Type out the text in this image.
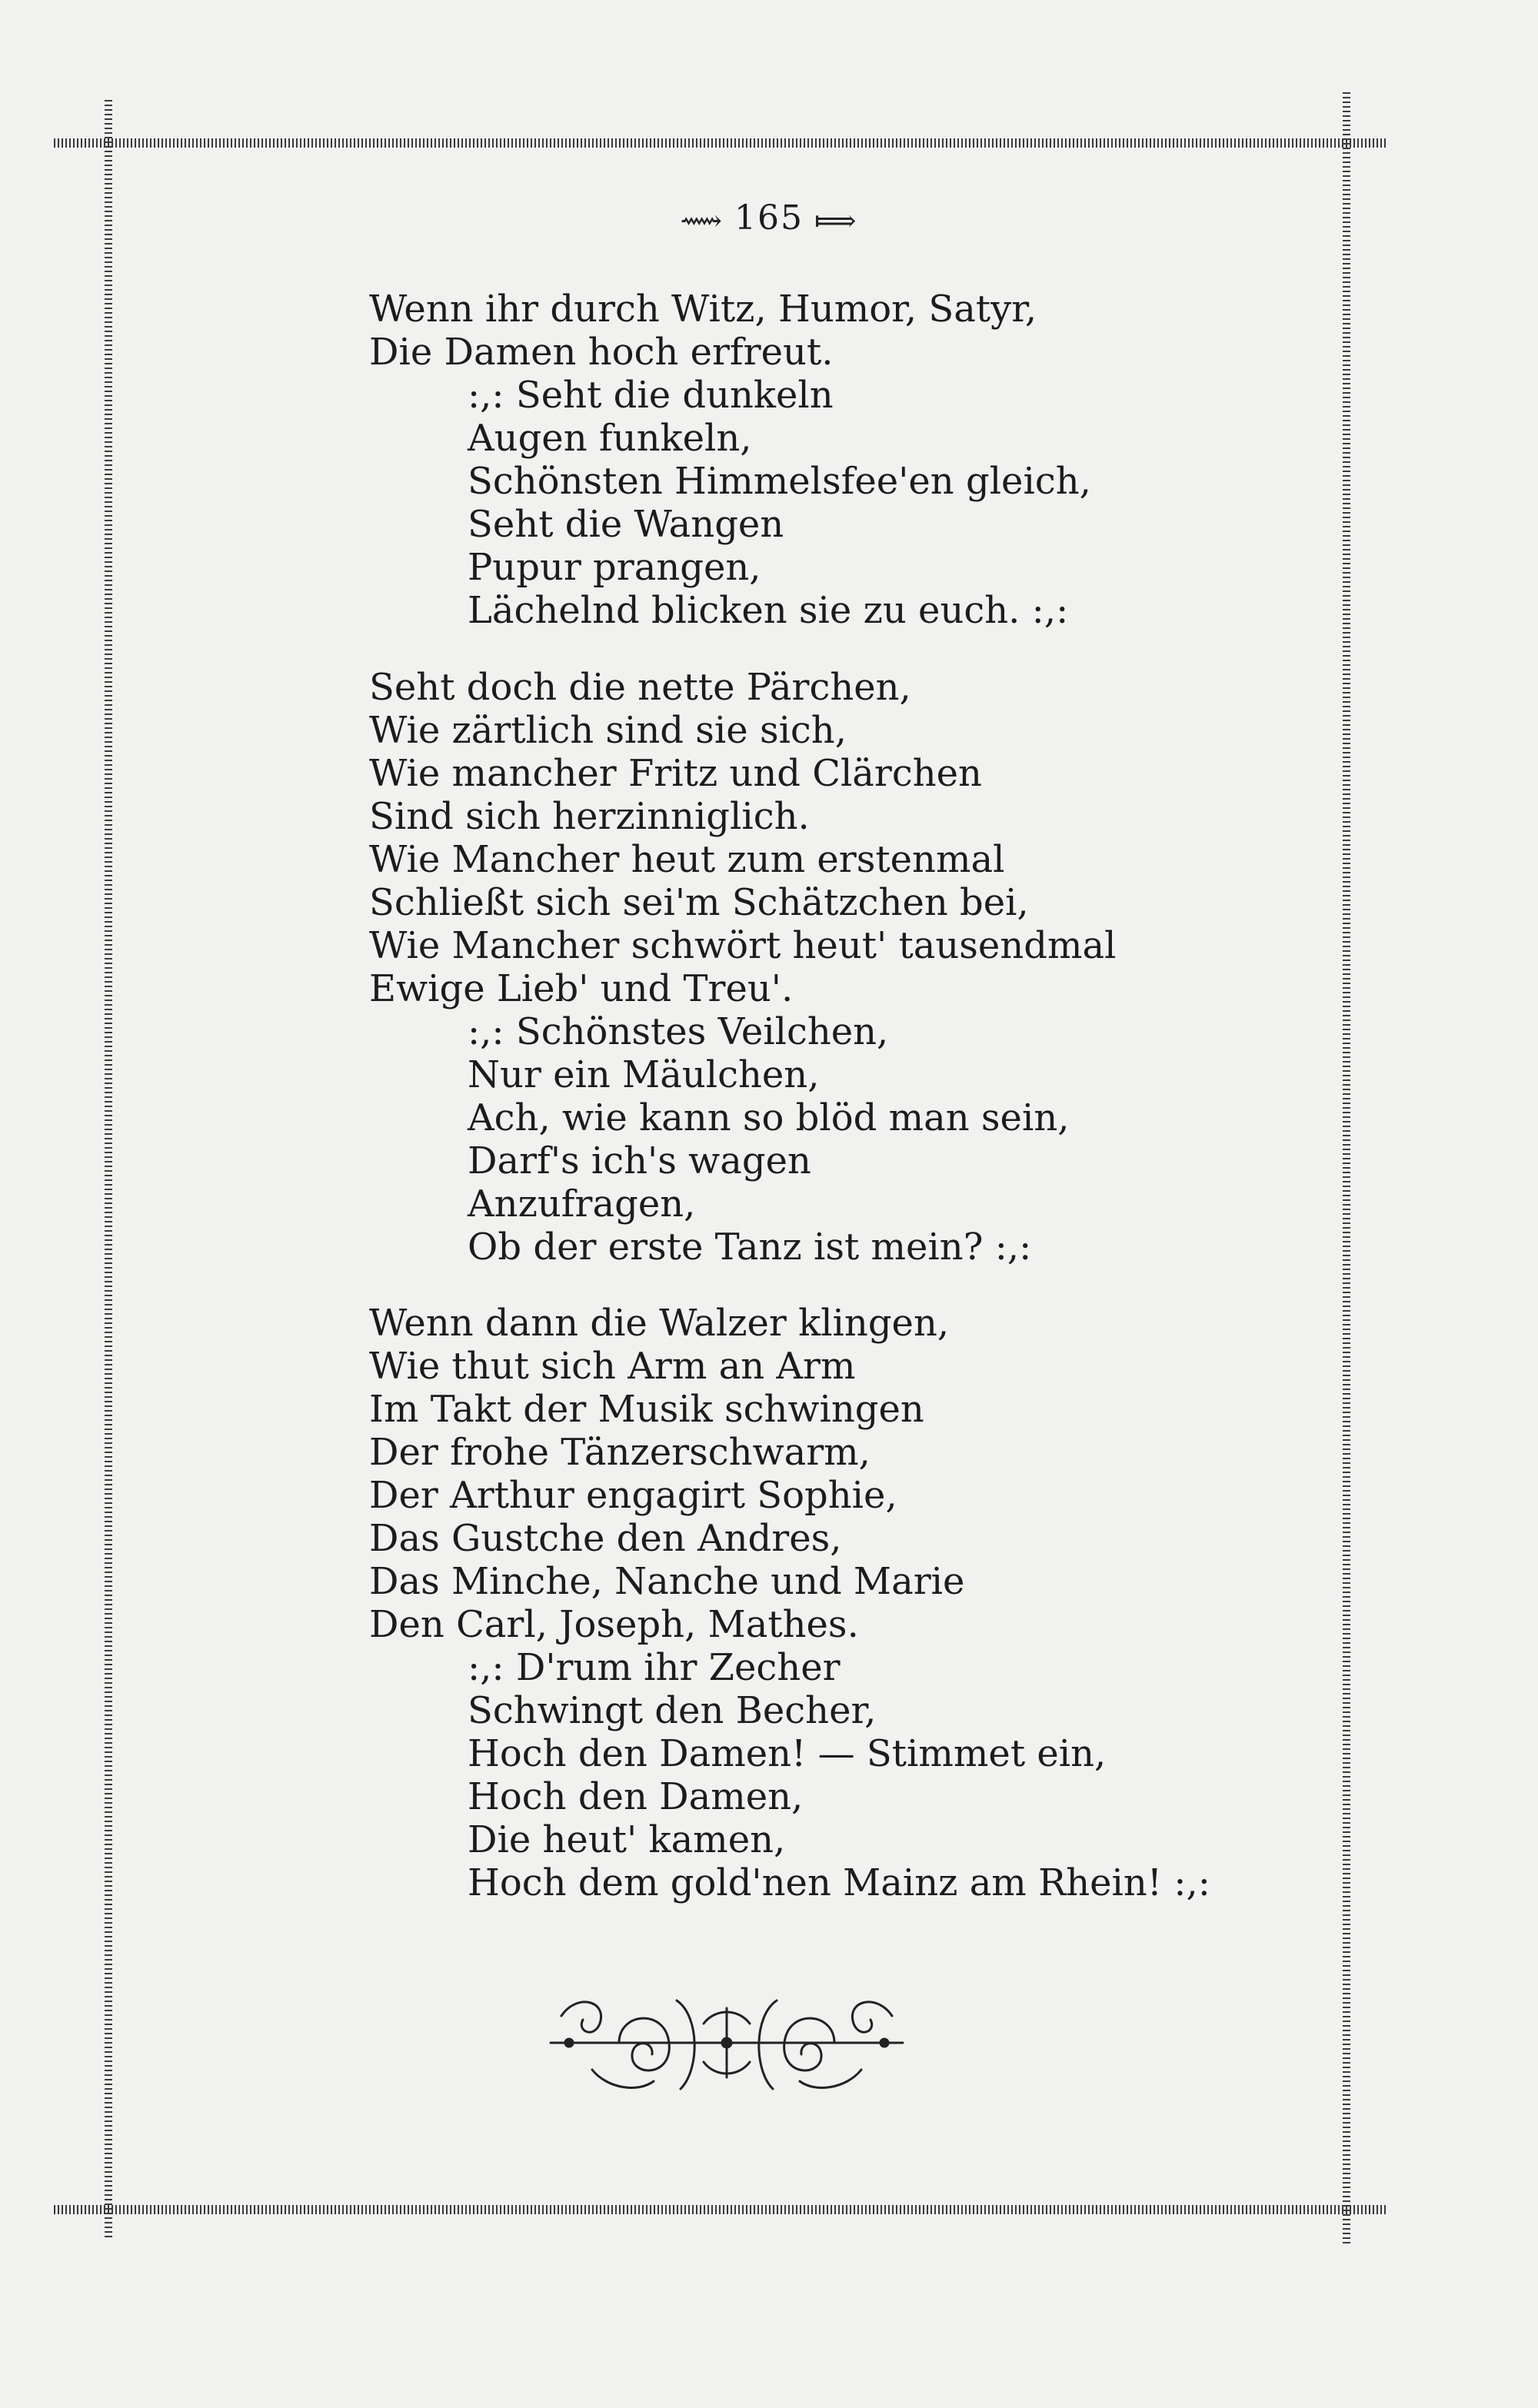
⟿ 165 ⟾
Wenn ihr durch Witz, Humor, Satyr,
Die Damen hoch erfreut.
:,: Seht die dunkeln
Augen funkeln,
Schönsten Himmelsfee'en gleich,
Seht die Wangen
Pupur prangen,
Lächelnd blicken sie zu euch. :,:
Seht doch die nette Pärchen,
Wie zärtlich sind sie sich,
Wie mancher Fritz und Clärchen
Sind sich herzinniglich.
Wie Mancher heut zum erstenmal
Schließt sich sei'm Schätzchen bei,
Wie Mancher schwört heut' tausendmal
Ewige Lieb' und Treu'.
:,: Schönstes Veilchen,
Nur ein Mäulchen,
Ach, wie kann so blöd man sein,
Darf's ich's wagen
Anzufragen,
Ob der erste Tanz ist mein? :,:
Wenn dann die Walzer klingen,
Wie thut sich Arm an Arm
Im Takt der Musik schwingen
Der frohe Tänzerschwarm,
Der Arthur engagirt Sophie,
Das Gustche den Andres,
Das Minche, Nanche und Marie
Den Carl, Joseph, Mathes.
:,: D'rum ihr Zecher
Schwingt den Becher,
Hoch den Damen! — Stimmet ein,
Hoch den Damen,
Die heut' kamen,
Hoch dem gold'nen Mainz am Rhein! :,:
